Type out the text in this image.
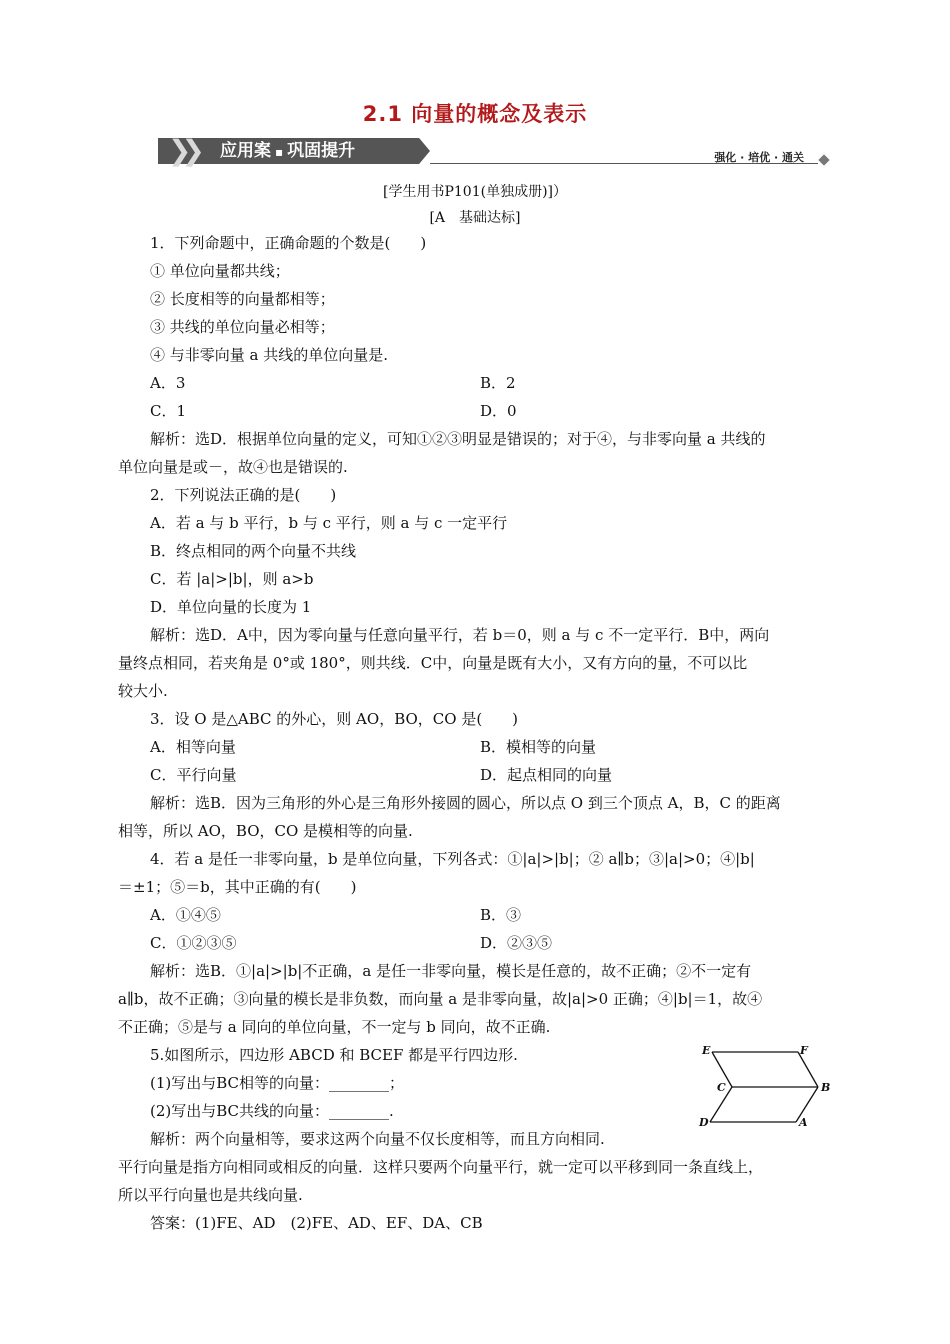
2.1 向量的概念及表示
❯❯	应用案 ▪ 巩固提升	强化 · 培优 · 通关
[学生用书P101(单独成册)]）
[A　基础达标]
1．下列命题中，正确命题的个数是(　　)
① 单位向量都共线；
② 长度相等的向量都相等；
③ 共线的单位向量必相等；
④ 与非零向量 a 共线的单位向量是.
A．3	B．2
C．1	D．0
解析：选D．根据单位向量的定义，可知①②③明显是错误的；对于④，与非零向量 a 共线的
单位向量是或－，故④也是错误的.
2．下列说法正确的是(　　)
A．若 a 与 b 平行，b 与 c 平行，则 a 与 c 一定平行
B．终点相同的两个向量不共线
C．若 |a|>|b|，则 a>b
D．单位向量的长度为 1
解析：选D．A中，因为零向量与任意向量平行，若 b＝0，则 a 与 c 不一定平行．B中，两向
量终点相同，若夹角是 0°或 180°，则共线．C中，向量是既有大小，又有方向的量，不可以比
较大小.
3．设 O 是△ABC 的外心，则 AO，BO，CO 是(　　)
A．相等向量	B．模相等的向量
C．平行向量	D．起点相同的向量
解析：选B．因为三角形的外心是三角形外接圆的圆心，所以点 O 到三个顶点 A，B，C 的距离
相等，所以 AO，BO，CO 是模相等的向量.
4．若 a 是任一非零向量，b 是单位向量，下列各式：①|a|>|b|；② a∥b；③|a|>0；④|b|
＝±1；⑤＝b，其中正确的有(　　)
A．①④⑤	B．③
C．①②③⑤	D．②③⑤
解析：选B．①|a|>|b|不正确，a 是任一非零向量，模长是任意的，故不正确；②不一定有
a∥b，故不正确；③向量的模长是非负数，而向量 a 是非零向量，故|a|>0 正确；④|b|＝1，故④
不正确；⑤是与 a 同向的单位向量，不一定与 b 同向，故不正确.
5.如图所示，四边形 ABCD 和 BCEF 都是平行四边形.
(1)写出与BC相等的向量：________；
(2)写出与BC共线的向量：________.
解析：两个向量相等，要求这两个向量不仅长度相等，而且方向相同.
平行向量是指方向相同或相反的向量．这样只要两个向量平行，就一定可以平移到同一条直线上，
所以平行向量也是共线向量.
答案：(1)FE、AD　(2)FE、AD、EF、DA、CB
E	F
C	B
D	A
